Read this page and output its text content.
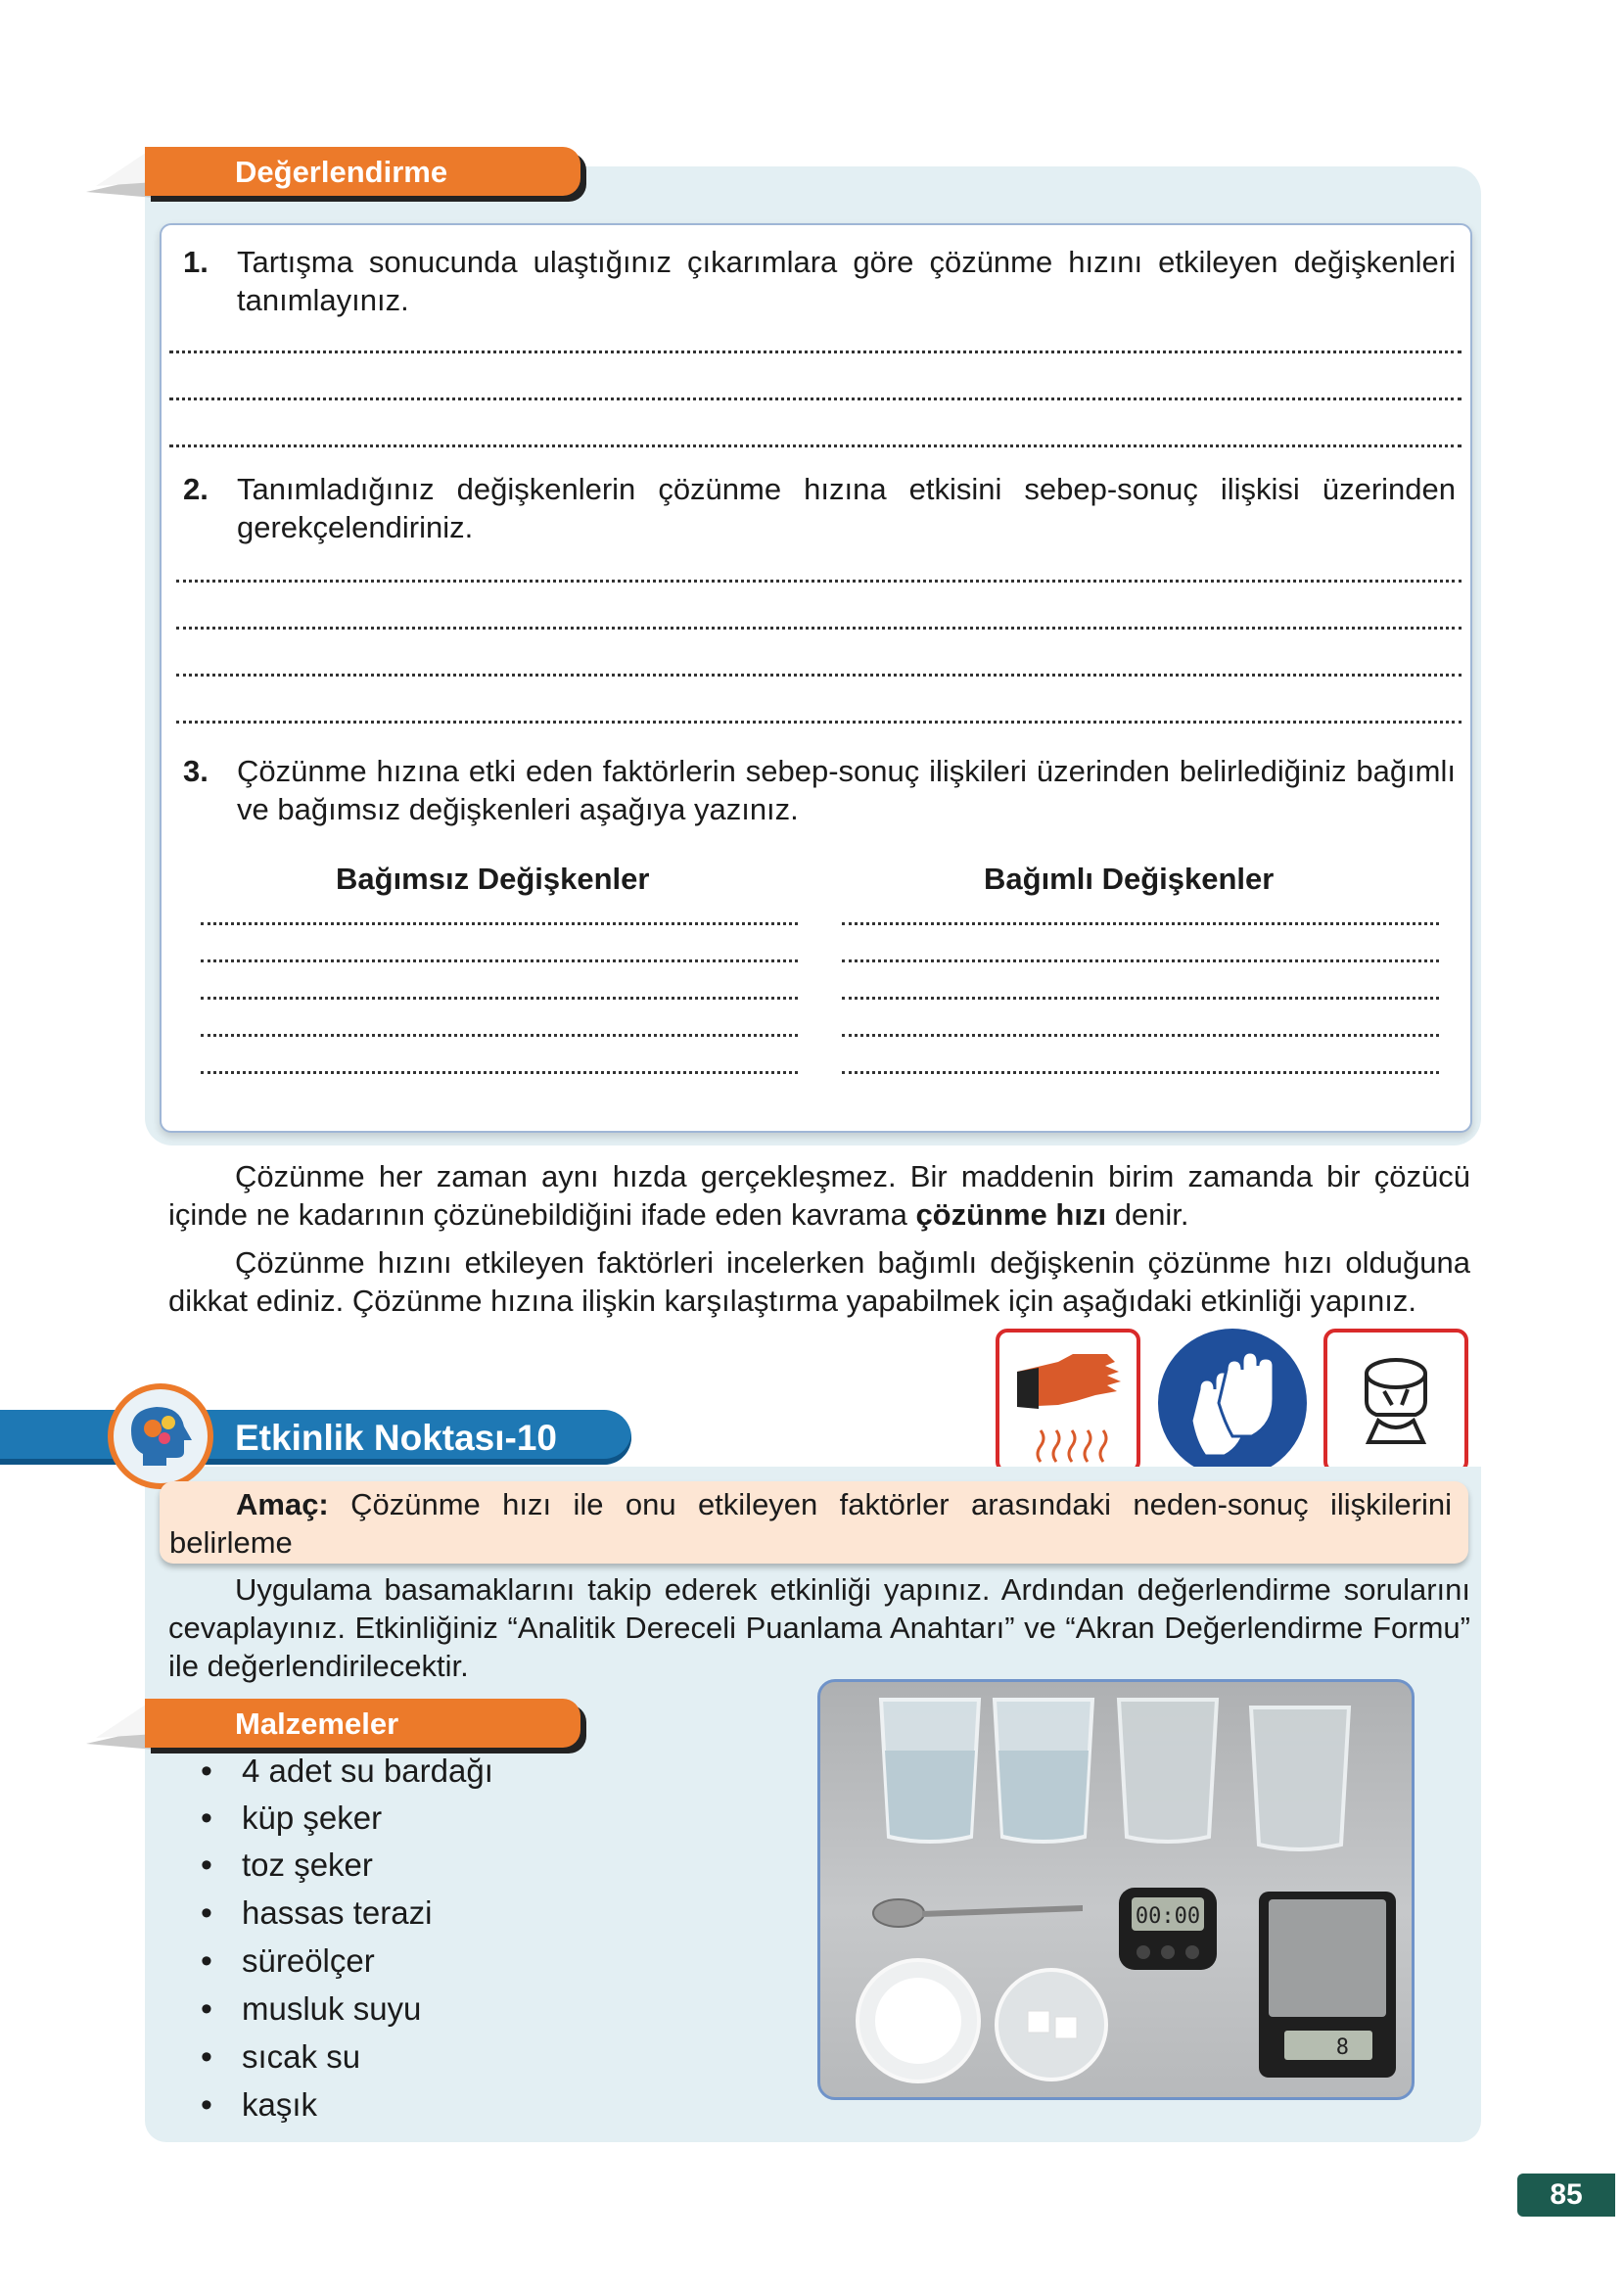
Değerlendirme
1. Tartışma sonucunda ulaştığınız çıkarımlara göre çözünme hızını etkileyen değişkenleri tanımlayınız.
2. Tanımladığınız değişkenlerin çözünme hızına etkisini sebep-sonuç ilişkisi üzerinden gerekçelendiriniz.
3. Çözünme hızına etki eden faktörlerin sebep-sonuç ilişkileri üzerinden belirlediğiniz bağımlı ve bağımsız değişkenleri aşağıya yazınız.
Bağımsız Değişkenler	Bağımlı Değişkenler
Çözünme her zaman aynı hızda gerçekleşmez. Bir maddenin birim zamanda bir çözücü içinde ne kadarının çözünebildiğini ifade eden kavrama çözünme hızı denir.
Çözünme hızını etkileyen faktörleri incelerken bağımlı değişkenin çözünme hızı olduğuna dikkat ediniz. Çözünme hızına ilişkin karşılaştırma yapabilmek için aşağıdaki etkinliği yapınız.
Etkinlik Noktası-10
Amaç: Çözünme hızı ile onu etkileyen faktörler arasındaki neden-sonuç ilişkilerini belirleme
Uygulama basamaklarını takip ederek etkinliği yapınız. Ardından değerlendirme sorularını cevaplayınız. Etkinliğiniz “Analitik Dereceli Puanlama Anahtarı” ve “Akran Değerlendirme Formu” ile değerlendirilecektir.
Malzemeler
• 4 adet su bardağı
• küp şeker
• toz şeker
• hassas terazi
• süreölçer
• musluk suyu
• sıcak su
• kaşık
00:00
8
85
